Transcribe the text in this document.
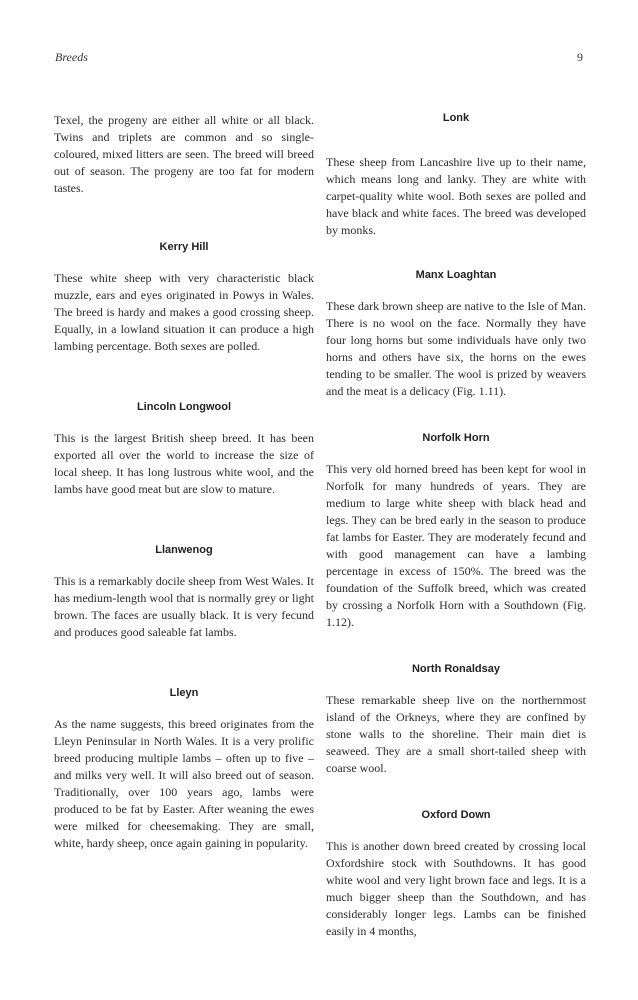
Breeds	9

Texel, the progeny are either all white or all black. Twins and triplets are common and so single-coloured, mixed litters are seen. The breed will breed out of season. The progeny are too fat for modern tastes.

Kerry Hill

These white sheep with very characteristic black muzzle, ears and eyes originated in Powys in Wales. The breed is hardy and makes a good crossing sheep. Equally, in a lowland situation it can produce a high lambing percentage. Both sexes are polled.

Lincoln Longwool

This is the largest British sheep breed. It has been exported all over the world to increase the size of local sheep. It has long lustrous white wool, and the lambs have good meat but are slow to mature.

Llanwenog

This is a remarkably docile sheep from West Wales. It has medium-length wool that is normally grey or light brown. The faces are usually black. It is very fecund and produces good saleable fat lambs.

Lleyn

As the name suggests, this breed originates from the Lleyn Peninsular in North Wales. It is a very prolific breed producing multiple lambs – often up to five – and milks very well. It will also breed out of season. Traditionally, over 100 years ago, lambs were produced to be fat by Easter. After weaning the ewes were milked for cheesemaking. They are small, white, hardy sheep, once again gaining in popularity.

Lonk

These sheep from Lancashire live up to their name, which means long and lanky. They are white with carpet-quality white wool. Both sexes are polled and have black and white faces. The breed was developed by monks.

Manx Loaghtan

These dark brown sheep are native to the Isle of Man. There is no wool on the face. Normally they have four long horns but some individuals have only two horns and others have six, the horns on the ewes tending to be smaller. The wool is prized by weavers and the meat is a delicacy (Fig. 1.11).

Norfolk Horn

This very old horned breed has been kept for wool in Norfolk for many hundreds of years. They are medium to large white sheep with black head and legs. They can be bred early in the season to produce fat lambs for Easter. They are moderately fecund and with good management can have a lambing percentage in excess of 150%. The breed was the foundation of the Suffolk breed, which was created by crossing a Norfolk Horn with a Southdown (Fig. 1.12).

North Ronaldsay

These remarkable sheep live on the northernmost island of the Orkneys, where they are confined by stone walls to the shoreline. Their main diet is seaweed. They are a small short-tailed sheep with coarse wool.

Oxford Down

This is another down breed created by crossing local Oxfordshire stock with Southdowns. It has good white wool and very light brown face and legs. It is a much bigger sheep than the Southdown, and has considerably longer legs. Lambs can be finished easily in 4 months,
